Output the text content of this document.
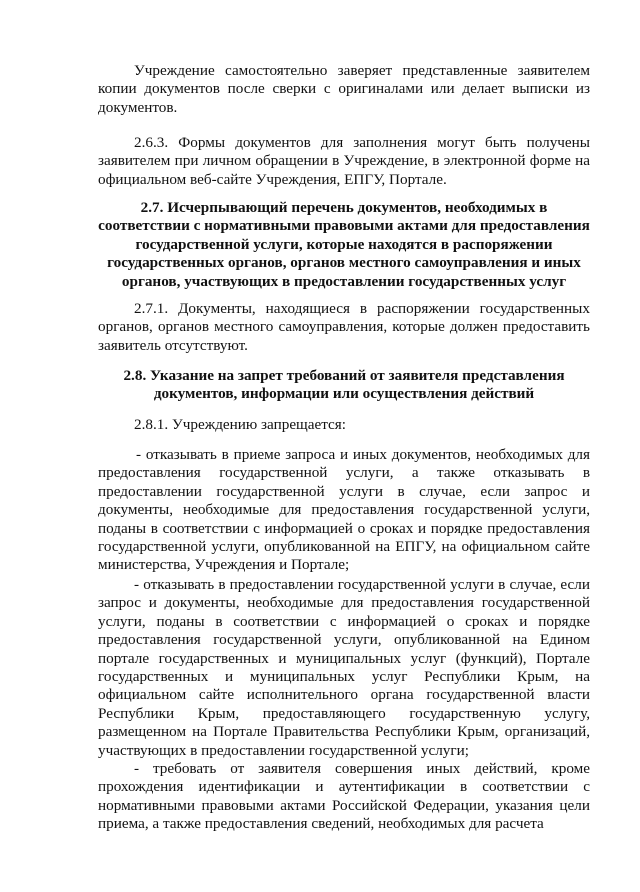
Учреждение самостоятельно заверяет представленные заявителем копии документов после сверки с оригиналами или делает выписки из документов.

2.6.3. Формы документов для заполнения могут быть получены заявителем при личном обращении в Учреждение, в электронной форме на официальном веб-сайте Учреждения, ЕПГУ, Портале.

2.7. Исчерпывающий перечень документов, необходимых в соответствии с нормативными правовыми актами для предоставления государственной услуги, которые находятся в распоряжении государственных органов, органов местного самоуправления и иных органов, участвующих в предоставлении государственных услуг

2.7.1. Документы, находящиеся в распоряжении государственных органов, органов местного самоуправления, которые должен предоставить заявитель отсутствуют.

2.8. Указание на запрет требований от заявителя представления документов, информации или осуществления действий

2.8.1. Учреждению запрещается:

- отказывать в приеме запроса и иных документов, необходимых для предоставления государственной услуги, а также отказывать в предоставлении государственной услуги в случае, если запрос и документы, необходимые для предоставления государственной услуги, поданы в соответствии с информацией о сроках и порядке предоставления государственной услуги, опубликованной на ЕПГУ, на официальном сайте министерства, Учреждения и Портале;

- отказывать в предоставлении государственной услуги в случае, если запрос и документы, необходимые для предоставления государственной услуги, поданы в соответствии с информацией о сроках и порядке предоставления государственной услуги, опубликованной на Едином портале государственных и муниципальных услуг (функций), Портале государственных и муниципальных услуг Республики Крым, на официальном сайте исполнительного органа государственной власти Республики Крым, предоставляющего государственную услугу, размещенном на Портале Правительства Республики Крым, организаций, участвующих в предоставлении государственной услуги;

- требовать от заявителя совершения иных действий, кроме прохождения идентификации и аутентификации в соответствии с нормативными правовыми актами Российской Федерации, указания цели приема, а также предоставления сведений, необходимых для расчета
